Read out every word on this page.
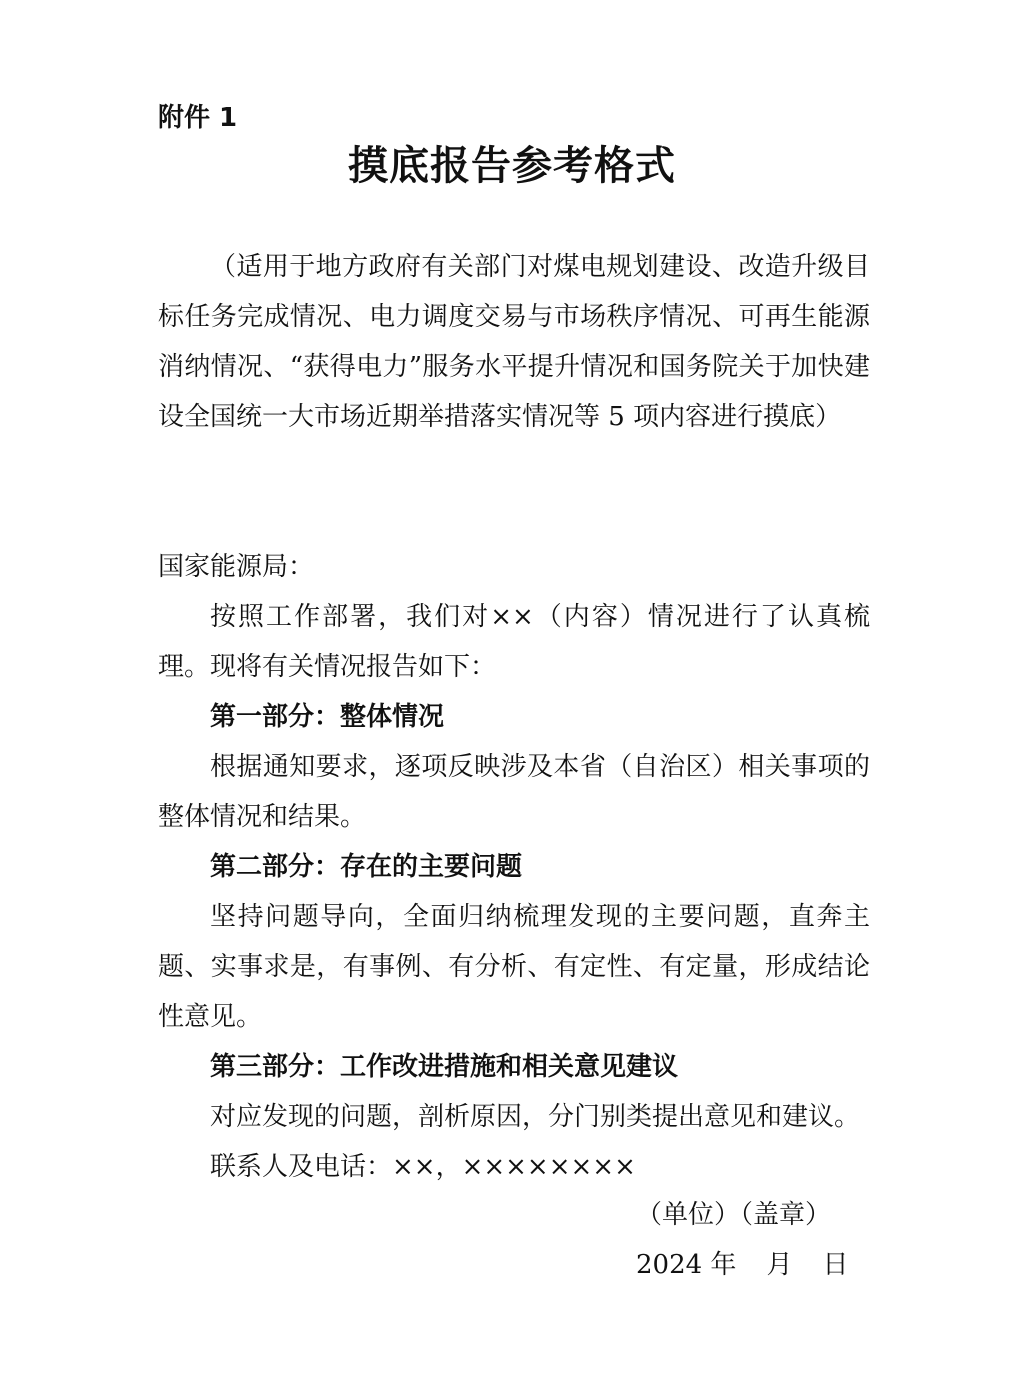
附件 1
摸底报告参考格式
（适用于地方政府有关部门对煤电规划建设、改造升级目标任务完成情况、电力调度交易与市场秩序情况、可再生能源消纳情况、“获得电力”服务水平提升情况和国务院关于加快建设全国统一大市场近期举措落实情况等 5 项内容进行摸底）
国家能源局：
按照工作部署，我们对××（内容）情况进行了认真梳理。现将有关情况报告如下：
第一部分：整体情况
根据通知要求，逐项反映涉及本省（自治区）相关事项的整体情况和结果。
第二部分：存在的主要问题
坚持问题导向，全面归纳梳理发现的主要问题，直奔主题、实事求是，有事例、有分析、有定性、有定量，形成结论性意见。
第三部分：工作改进措施和相关意见建议
对应发现的问题，剖析原因，分门别类提出意见和建议。
联系人及电话：××，××××××××
（单位）（盖章）
2024 年 月 日
